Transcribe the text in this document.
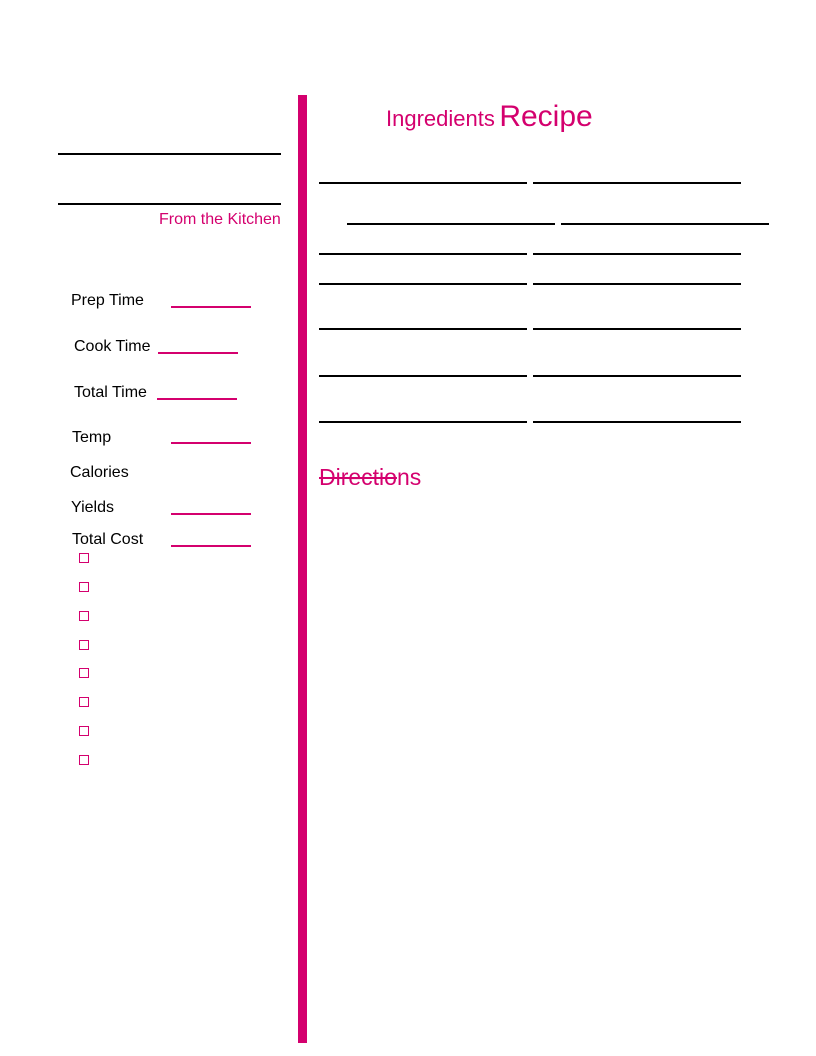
From the Kitchen
Prep Time
Cook Time
Total Time
Temp
Calories
Yields
Total Cost
Ingredients Recipe
Directions
